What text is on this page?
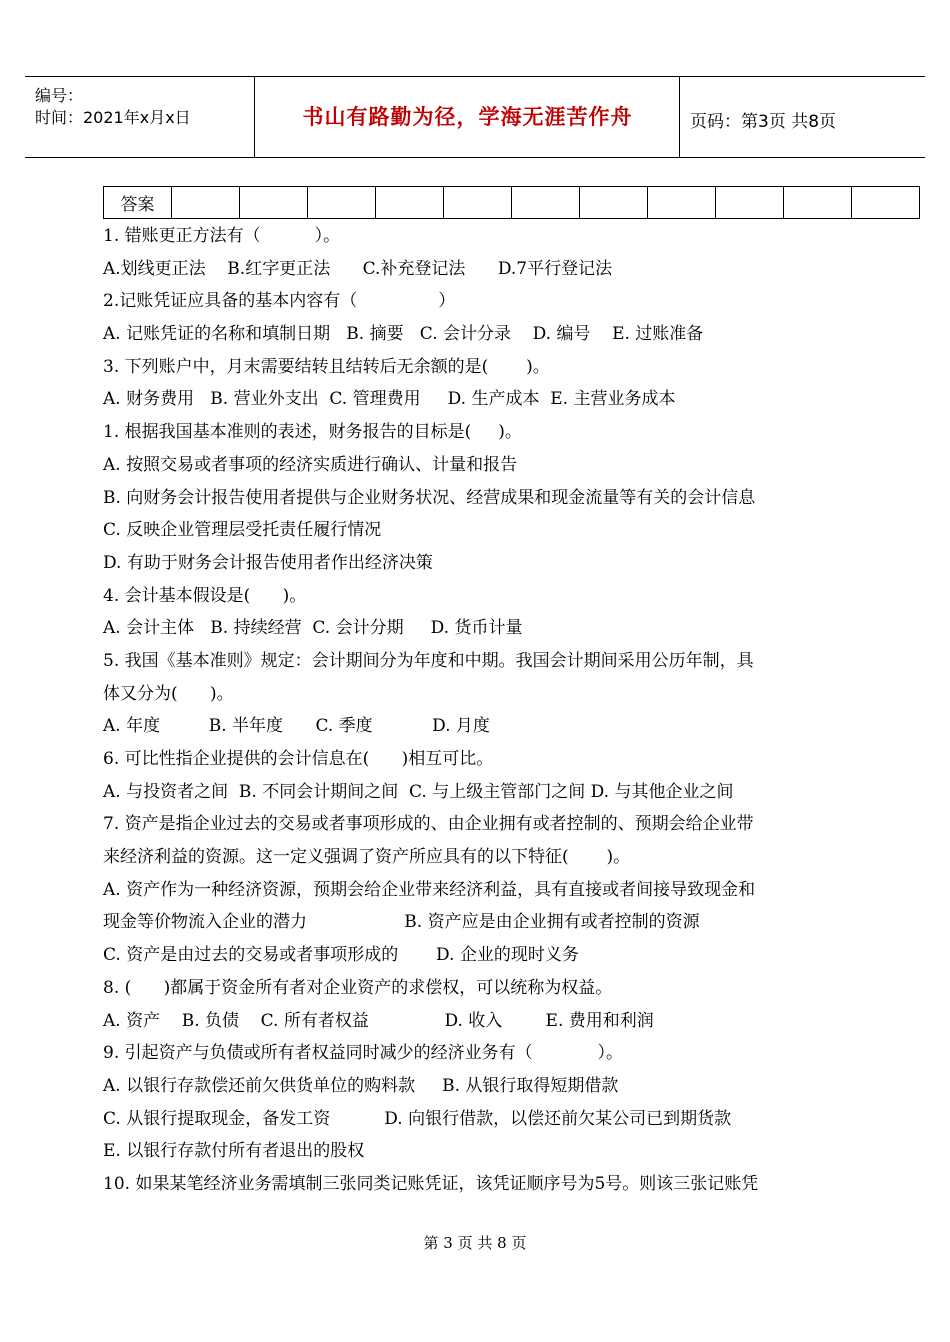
编号：
时间：2021年x月x日	书山有路勤为径，学海无涯苦作舟	页码：第3页 共8页
答案											
1. 错账更正方法有（          ）。
A.划线更正法    B.红字更正法      C.补充登记法      D.7平行登记法
2.记账凭证应具备的基本内容有（               ）
A. 记账凭证的名称和填制日期   B. 摘要   C. 会计分录    D. 编号    E. 过账准备
3. 下列账户中，月末需要结转且结转后无余额的是(       )。
A. 财务费用   B. 营业外支出  C. 管理费用     D. 生产成本  E. 主营业务成本
1. 根据我国基本准则的表述，财务报告的目标是(     )。
A. 按照交易或者事项的经济实质进行确认、计量和报告
B. 向财务会计报告使用者提供与企业财务状况、经营成果和现金流量等有关的会计信息
C. 反映企业管理层受托责任履行情况
D. 有助于财务会计报告使用者作出经济决策
4. 会计基本假设是(      )。
A. 会计主体   B. 持续经营  C. 会计分期     D. 货币计量
5. 我国《基本准则》规定：会计期间分为年度和中期。我国会计期间采用公历年制，具
体又分为(      )。
A. 年度         B. 半年度      C. 季度           D. 月度
6. 可比性指企业提供的会计信息在(      )相互可比。
A. 与投资者之间  B. 不同会计期间之间  C. 与上级主管部门之间 D. 与其他企业之间
7. 资产是指企业过去的交易或者事项形成的、由企业拥有或者控制的、预期会给企业带
来经济利益的资源。这一定义强调了资产所应具有的以下特征(       )。
A. 资产作为一种经济资源，预期会给企业带来经济利益，具有直接或者间接导致现金和
现金等价物流入企业的潜力                  B. 资产应是由企业拥有或者控制的资源
C. 资产是由过去的交易或者事项形成的       D. 企业的现时义务
8. (      )都属于资金所有者对企业资产的求偿权，可以统称为权益。
A. 资产    B. 负债    C. 所有者权益              D. 收入        E. 费用和利润
9. 引起资产与负债或所有者权益同时减少的经济业务有（            ）。
A. 以银行存款偿还前欠供货单位的购料款     B. 从银行取得短期借款
C. 从银行提取现金，备发工资          D. 向银行借款，以偿还前欠某公司已到期货款
E. 以银行存款付所有者退出的股权
10. 如果某笔经济业务需填制三张同类记账凭证，该凭证顺序号为5号。则该三张记账凭
第 3 页 共 8 页
